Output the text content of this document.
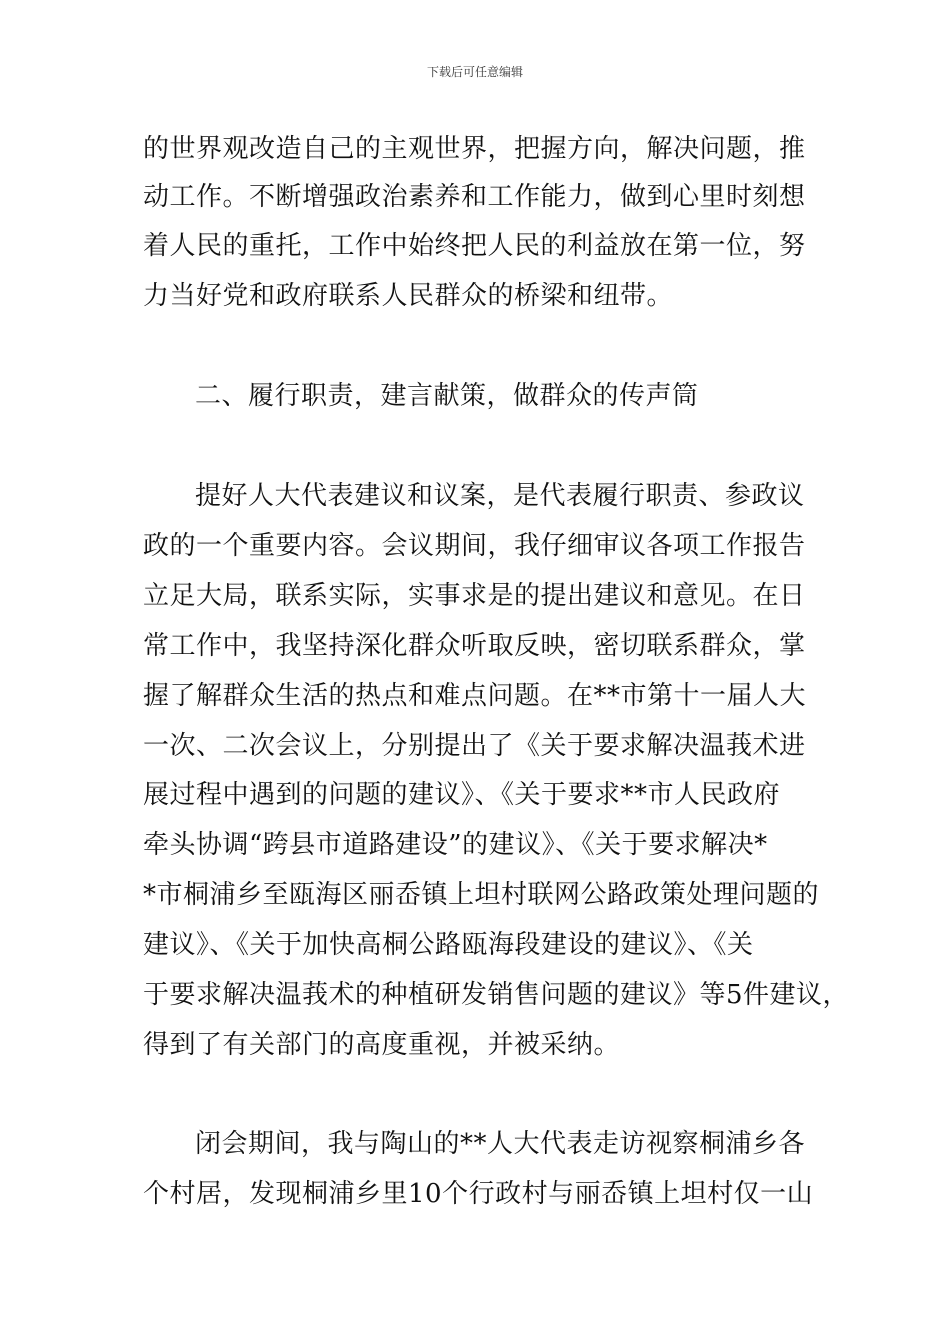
下载后可任意编辑
的世界观改造自己的主观世界，把握方向，解决问题，推
动工作。不断增强政治素养和工作能力，做到心里时刻想
着人民的重托，工作中始终把人民的利益放在第一位，努
力当好党和政府联系人民群众的桥梁和纽带。
二、履行职责，建言献策，做群众的传声筒
提好人大代表建议和议案，是代表履行职责、参政议
政的一个重要内容。会议期间，我仔细审议各项工作报告
立足大局，联系实际，实事求是的提出建议和意见。在日
常工作中，我坚持深化群众听取反映，密切联系群众，掌
握了解群众生活的热点和难点问题。在**市第十一届人大
一次、二次会议上，分别提出了《关于要求解决温莪术进
展过程中遇到的问题的建议》、《关于要求**市人民政府
牵头协调“跨县市道路建设”的建议》、《关于要求解决*
*市桐浦乡至瓯海区丽岙镇上坦村联网公路政策处理问题的
建议》、《关于加快高桐公路瓯海段建设的建议》、《关
于要求解决温莪术的种植研发销售问题的建议》等5件建议，
得到了有关部门的高度重视，并被采纳。
闭会期间，我与陶山的**人大代表走访视察桐浦乡各
个村居，发现桐浦乡里10个行政村与丽岙镇上坦村仅一山
